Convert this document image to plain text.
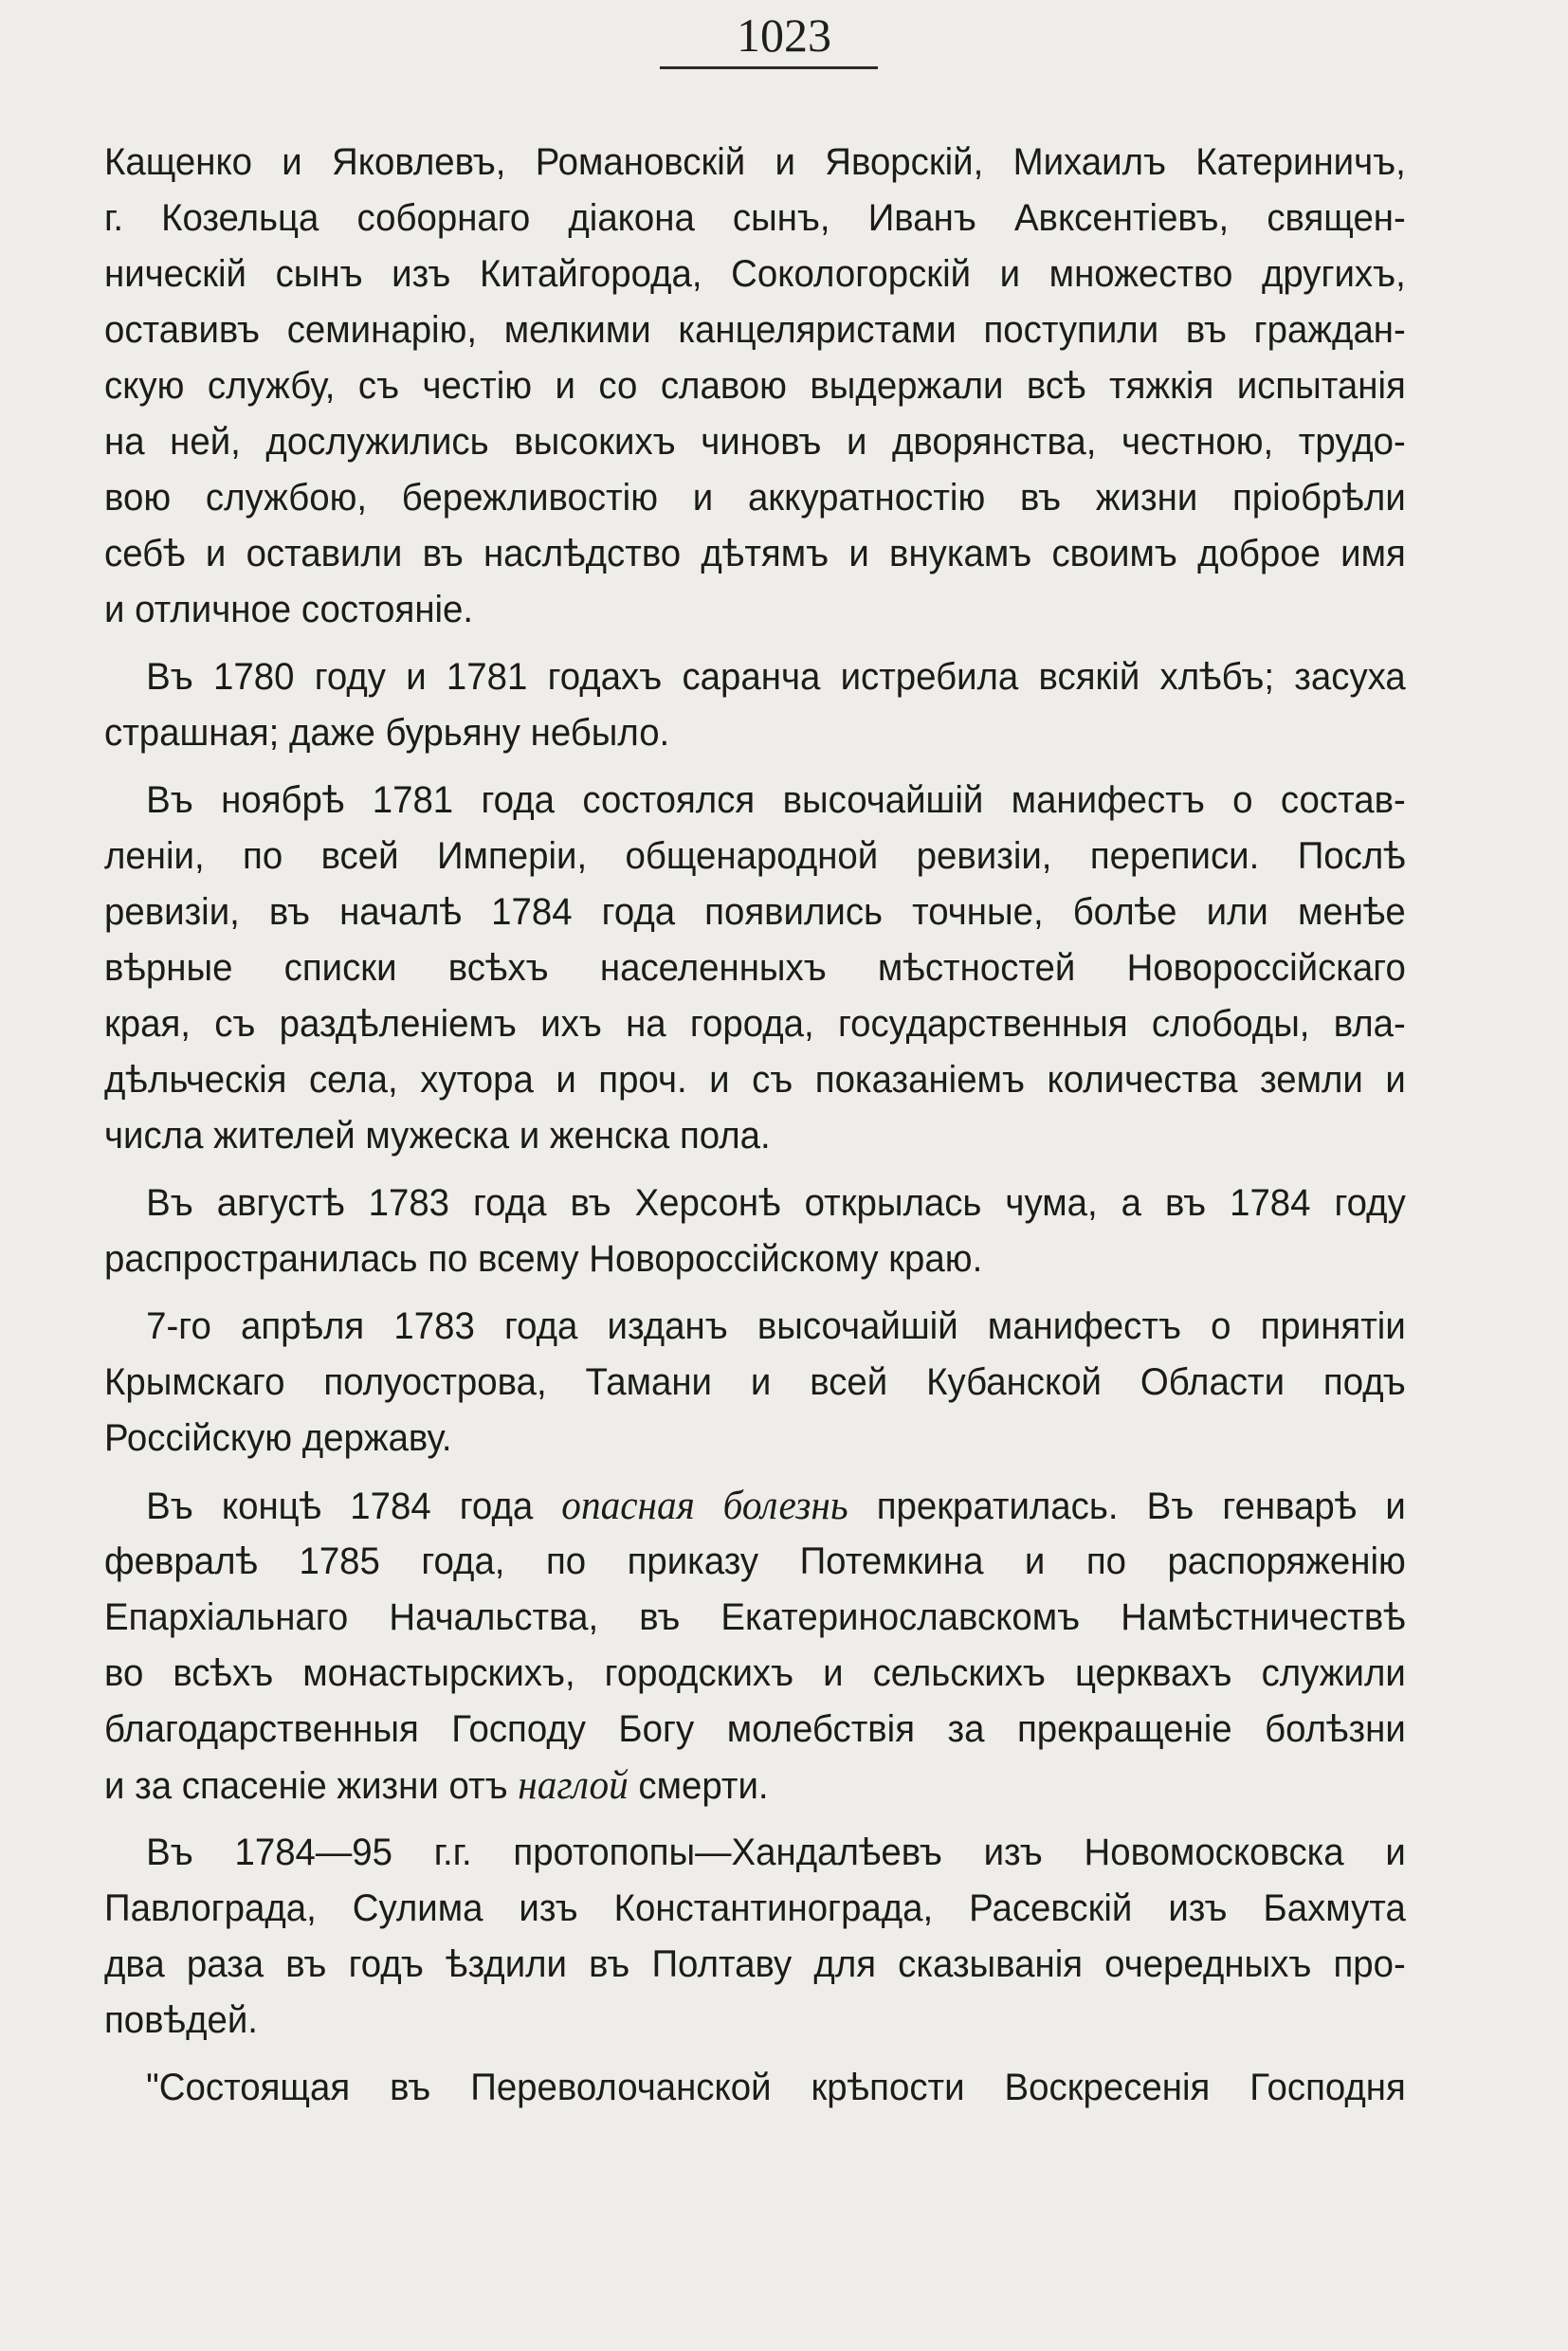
1023
Кащенко и Яковлевъ, Романовскій и Яворскій, Михаилъ Катериничъ,
г. Козельца соборнаго діакона сынъ, Иванъ Авксентіевъ, священ-
ническій сынъ изъ Китайгорода, Сокологорскій и множество другихъ,
оставивъ семинарію, мелкими канцеляристами поступили въ граждан-
скую службу, съ честію и со славою выдержали всѣ тяжкія испытанія
на ней, дослужились высокихъ чиновъ и дворянства, честною, трудо-
вою службою, бережливостію и аккуратностію въ жизни пріобрѣли
себѣ и оставили въ наслѣдство дѣтямъ и внукамъ своимъ доброе имя
и отличное состояніе.
Въ 1780 году и 1781 годахъ саранча истребила всякій хлѣбъ; засуха
страшная; даже бурьяну небыло.
Въ ноябрѣ 1781 года состоялся высочайшій манифестъ о состав-
леніи, по всей Имперіи, общенародной ревизіи, переписи. Послѣ
ревизіи, въ началѣ 1784 года появились точные, болѣе или менѣе
вѣрные списки всѣхъ населенныхъ мѣстностей Новороссійскаго
края, съ раздѣленіемъ ихъ на города, государственныя слободы, вла-
дѣльческія села, хутора и проч. и съ показаніемъ количества земли и
числа жителей мужеска и женска пола.
Въ августѣ 1783 года въ Херсонѣ открылась чума, а въ 1784 году
распространилась по всему Новороссійскому краю.
7-го апрѣля 1783 года изданъ высочайшій манифестъ о принятіи
Крымскаго полуострова, Тамани и всей Кубанской Области подъ
Россійскую державу.
Въ концѣ 1784 года опасная болезнь прекратилась. Въ генварѣ и
февралѣ 1785 года, по приказу Потемкина и по распоряженію
Епархіальнаго Начальства, въ Екатеринославскомъ Намѣстничествѣ
во всѣхъ монастырскихъ, городскихъ и сельскихъ церквахъ служили
благодарственныя Господу Богу молебствія за прекращеніе болѣзни
и за спасеніе жизни отъ наглой смерти.
Въ 1784—95 г.г. протопопы—Хандалѣевъ изъ Новомосковска и
Павлограда, Сулима изъ Константинограда, Расевскій изъ Бахмута
два раза въ годъ ѣздили въ Полтаву для сказыванія очередныхъ про-
повѣдей.
"Состоящая въ Переволочанской крѣпости Воскресенія Господня
